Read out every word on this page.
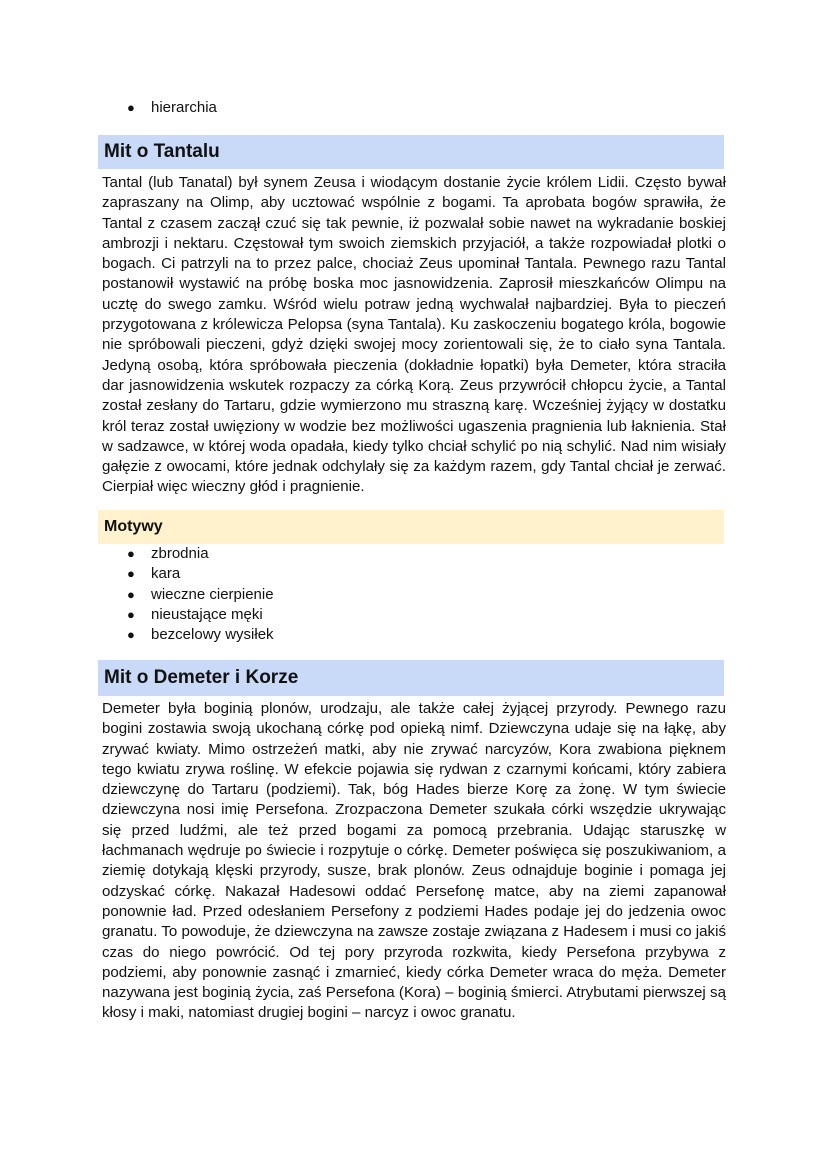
● hierarchia
Mit o Tantalu

Tantal (lub Tanatal) był synem Zeusa i wiodącym dostanie życie królem Lidii. Często bywał zapraszany na Olimp, aby ucztować wspólnie z bogami. Ta aprobata bogów sprawiła, że Tantal z czasem zaczął czuć się tak pewnie, iż pozwalał sobie nawet na wykradanie boskiej ambrozji i nektaru. Częstował tym swoich ziemskich przyjaciół, a także rozpowiadał plotki o bogach. Ci patrzyli na to przez palce, chociaż Zeus upominał Tantala. Pewnego razu Tantal postanowił wystawić na próbę boska moc jasnowidzenia. Zaprosił mieszkańców Olimpu na ucztę do swego zamku. Wśród wielu potraw jedną wychwalał najbardziej. Była to pieczeń przygotowana z królewicza Pelopsa (syna Tantala). Ku zaskoczeniu bogatego króla, bogowie nie spróbowali pieczeni, gdyż dzięki swojej mocy zorientowali się, że to ciało syna Tantala. Jedyną osobą, która spróbowała pieczenia (dokładnie łopatki) była Demeter, która straciła dar jasnowidzenia wskutek rozpaczy za córką Korą. Zeus przywrócił chłopcu życie, a Tantal został zesłany do Tartaru, gdzie wymierzono mu straszną karę. Wcześniej żyjący w dostatku król teraz został uwięziony w wodzie bez możliwości ugaszenia pragnienia lub łaknienia. Stał w sadzawce, w której woda opadała, kiedy tylko chciał schylić po nią schylić. Nad nim wisiały gałęzie z owocami, które jednak odchylały się za każdym razem, gdy Tantal chciał je zerwać. Cierpiał więc wieczny głód i pragnienie.

Motywy
● zbrodnia
● kara
● wieczne cierpienie
● nieustające męki
● bezcelowy wysiłek
Mit o Demeter i Korze

Demeter była boginią plonów, urodzaju, ale także całej żyjącej przyrody. Pewnego razu bogini zostawia swoją ukochaną córkę pod opieką nimf. Dziewczyna udaje się na łąkę, aby zrywać kwiaty. Mimo ostrzeżeń matki, aby nie zrywać narcyzów, Kora zwabiona pięknem tego kwiatu zrywa roślinę. W efekcie pojawia się rydwan z czarnymi końcami, który zabiera dziewczynę do Tartaru (podziemi). Tak, bóg Hades bierze Korę za żonę. W tym świecie dziewczyna nosi imię Persefona. Zrozpaczona Demeter szukała córki wszędzie ukrywając się przed ludźmi, ale też przed bogami za pomocą przebrania. Udając staruszkę w łachmanach wędruje po świecie i rozpytuje o córkę. Demeter poświęca się poszukiwaniom, a ziemię dotykają klęski przyrody, susze, brak plonów. Zeus odnajduje boginie i pomaga jej odzyskać córkę. Nakazał Hadesowi oddać Persefonę matce, aby na ziemi zapanował ponownie ład. Przed odesłaniem Persefony z podziemi Hades podaje jej do jedzenia owoc granatu. To powoduje, że dziewczyna na zawsze zostaje związana z Hadesem i musi co jakiś czas do niego powrócić. Od tej pory przyroda rozkwita, kiedy Persefona przybywa z podziemi, aby ponownie zasnąć i zmarnieć, kiedy córka Demeter wraca do męża. Demeter nazywana jest boginią życia, zaś Persefona (Kora) – boginią śmierci. Atrybutami pierwszej są kłosy i maki, natomiast drugiej bogini – narcyz i owoc granatu.
